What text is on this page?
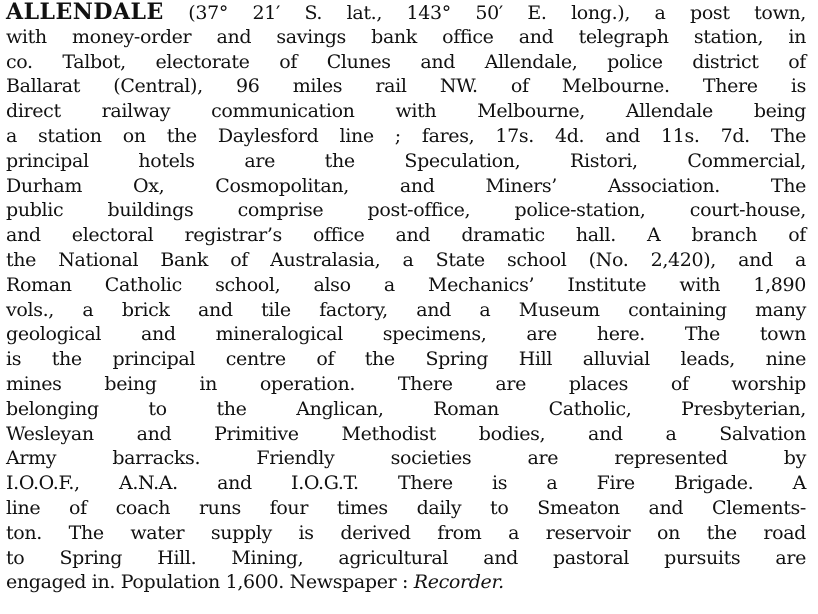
ALLENDALE (37° 21′ S. lat., 143° 50′ E. long.), a post town,
with money-order and savings bank office and telegraph station, in
co. Talbot, electorate of Clunes and Allendale, police district of
Ballarat (Central), 96 miles rail NW. of Melbourne. There is
direct railway communication with Melbourne, Allendale being
a station on the Daylesford line ; fares, 17s. 4d. and 11s. 7d. The
principal hotels are the Speculation, Ristori, Commercial,
Durham Ox, Cosmopolitan, and Miners’ Association. The
public buildings comprise post-office, police-station, court-house,
and electoral registrar’s office and dramatic hall. A branch of
the National Bank of Australasia, a State school (No. 2,420), and a
Roman Catholic school, also a Mechanics’ Institute with 1,890
vols., a brick and tile factory, and a Museum containing many
geological and mineralogical specimens, are here. The town
is the principal centre of the Spring Hill alluvial leads, nine
mines being in operation. There are places of worship
belonging to the Anglican, Roman Catholic, Presbyterian,
Wesleyan and Primitive Methodist bodies, and a Salvation
Army barracks. Friendly societies are represented by
I.O.O.F., A.N.A. and I.O.G.T. There is a Fire Brigade. A
line of coach runs four times daily to Smeaton and Clements-
ton. The water supply is derived from a reservoir on the road
to Spring Hill. Mining, agricultural and pastoral pursuits are
engaged in. Population 1,600. Newspaper : Recorder.
